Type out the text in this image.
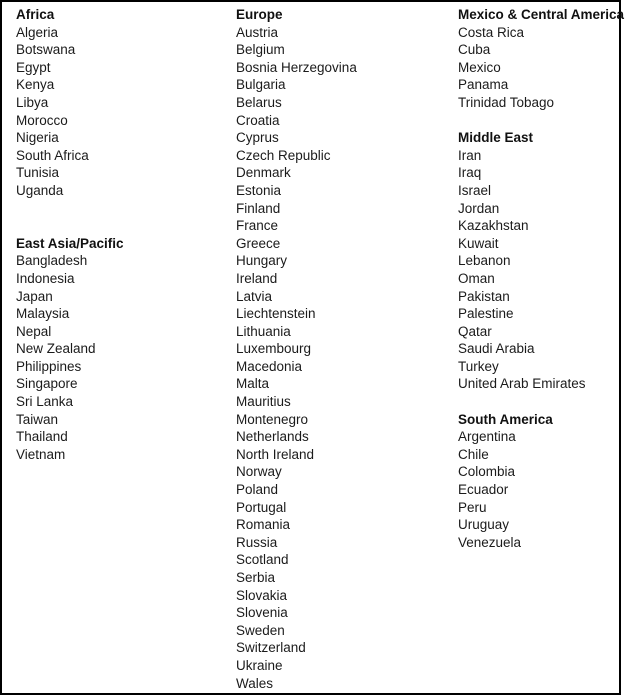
Africa
Algeria
Botswana
Egypt
Kenya
Libya
Morocco
Nigeria
South Africa
Tunisia
Uganda
East Asia/Pacific
Bangladesh
Indonesia
Japan
Malaysia
Nepal
New Zealand
Philippines
Singapore
Sri Lanka
Taiwan
Thailand
Vietnam
Europe
Austria
Belgium
Bosnia Herzegovina
Bulgaria
Belarus
Croatia
Cyprus
Czech Republic
Denmark
Estonia
Finland
France
Greece
Hungary
Ireland
Latvia
Liechtenstein
Lithuania
Luxembourg
Macedonia
Malta
Mauritius
Montenegro
Netherlands
North Ireland
Norway
Poland
Portugal
Romania
Russia
Scotland
Serbia
Slovakia
Slovenia
Sweden
Switzerland
Ukraine
Wales
Mexico & Central America
Costa Rica
Cuba
Mexico
Panama
Trinidad Tobago
Middle East
Iran
Iraq
Israel
Jordan
Kazakhstan
Kuwait
Lebanon
Oman
Pakistan
Palestine
Qatar
Saudi Arabia
Turkey
United Arab Emirates
South America
Argentina
Chile
Colombia
Ecuador
Peru
Uruguay
Venezuela
